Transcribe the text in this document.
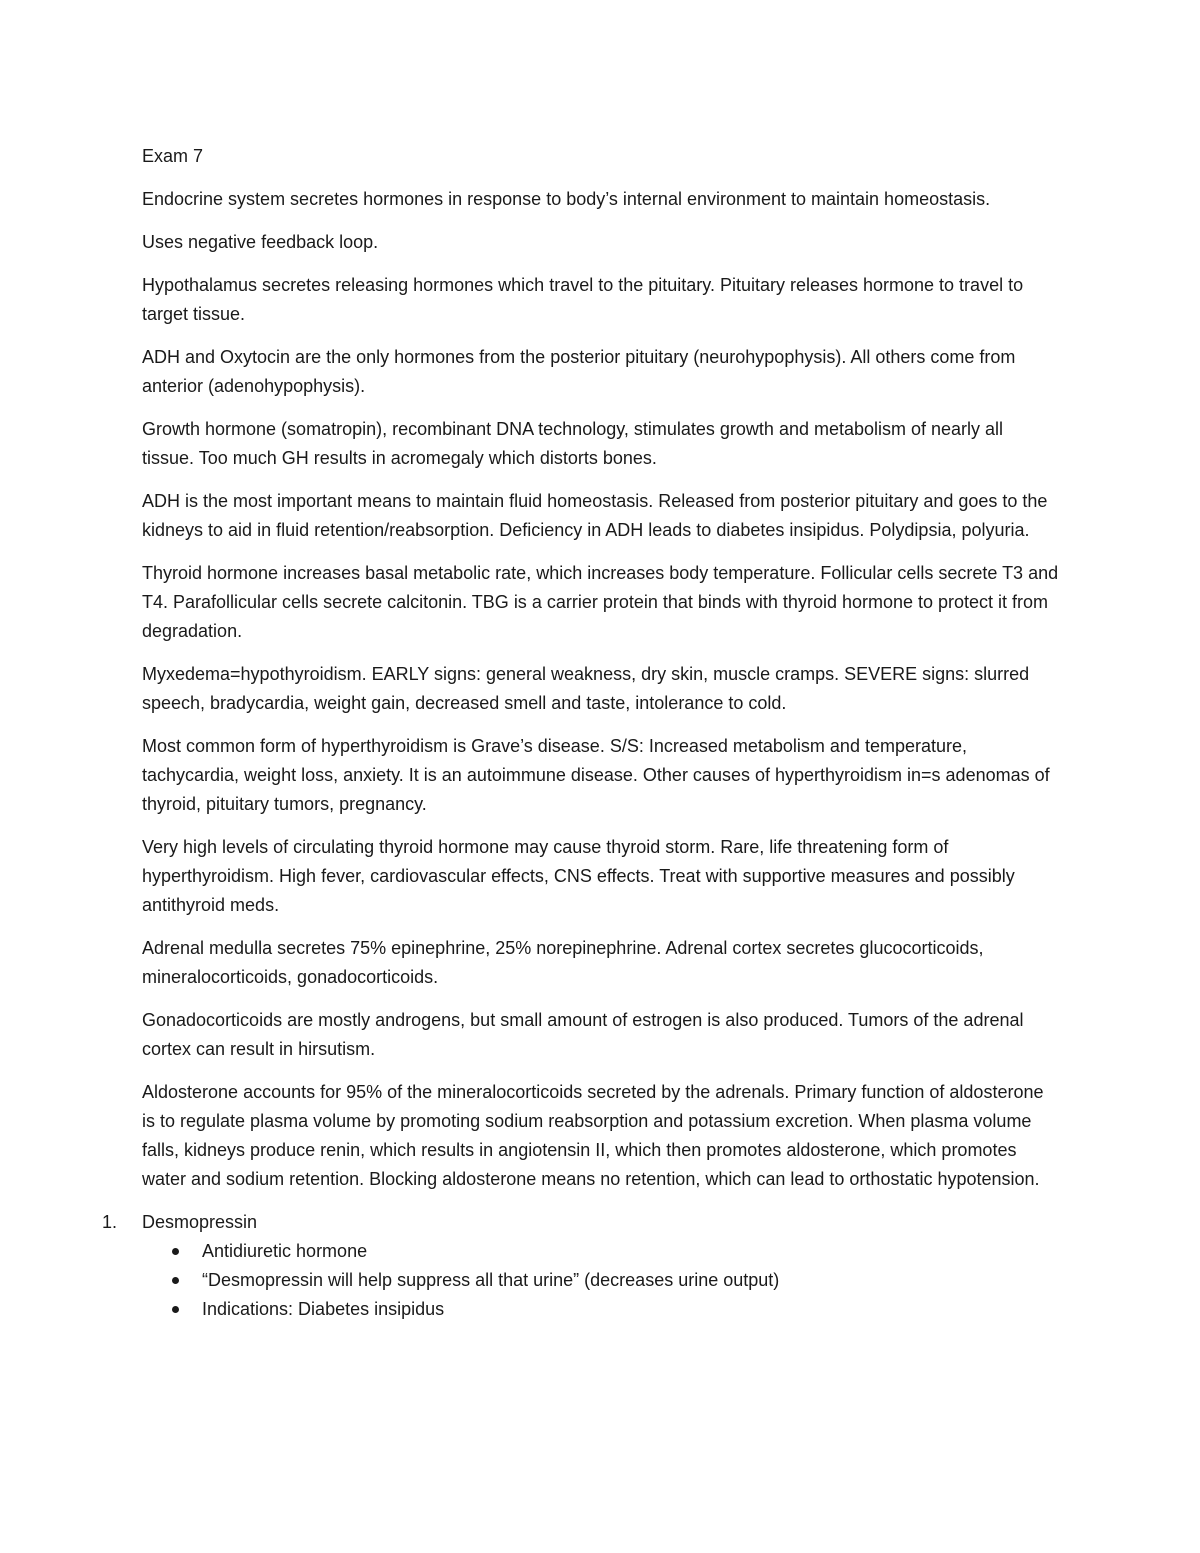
Exam 7

Endocrine system secretes hormones in response to body’s internal environment to maintain homeostasis.

Uses negative feedback loop.

Hypothalamus secretes releasing hormones which travel to the pituitary. Pituitary releases hormone to travel to target tissue.

ADH and Oxytocin are the only hormones from the posterior pituitary (neurohypophysis). All others come from anterior (adenohypophysis).

Growth hormone (somatropin), recombinant DNA technology, stimulates growth and metabolism of nearly all tissue. Too much GH results in acromegaly which distorts bones.

ADH is the most important means to maintain fluid homeostasis. Released from posterior pituitary and goes to the kidneys to aid in fluid retention/reabsorption. Deficiency in ADH leads to diabetes insipidus. Polydipsia, polyuria.

Thyroid hormone increases basal metabolic rate, which increases body temperature. Follicular cells secrete T3 and T4. Parafollicular cells secrete calcitonin. TBG is a carrier protein that binds with thyroid hormone to protect it from degradation.

Myxedema=hypothyroidism. EARLY signs: general weakness, dry skin, muscle cramps. SEVERE signs: slurred speech, bradycardia, weight gain, decreased smell and taste, intolerance to cold.

Most common form of hyperthyroidism is Grave’s disease. S/S: Increased metabolism and temperature, tachycardia, weight loss, anxiety. It is an autoimmune disease. Other causes of hyperthyroidism in=s adenomas of thyroid, pituitary tumors, pregnancy.

Very high levels of circulating thyroid hormone may cause thyroid storm. Rare, life threatening form of hyperthyroidism. High fever, cardiovascular effects, CNS effects. Treat with supportive measures and possibly antithyroid meds.

Adrenal medulla secretes 75% epinephrine, 25% norepinephrine. Adrenal cortex secretes glucocorticoids, mineralocorticoids, gonadocorticoids.

Gonadocorticoids are mostly androgens, but small amount of estrogen is also produced. Tumors of the adrenal cortex can result in hirsutism.

Aldosterone accounts for 95% of the mineralocorticoids secreted by the adrenals. Primary function of aldosterone is to regulate plasma volume by promoting sodium reabsorption and potassium excretion. When plasma volume falls, kidneys produce renin, which results in angiotensin II, which then promotes aldosterone, which promotes water and sodium retention. Blocking aldosterone means no retention, which can lead to orthostatic hypotension.

1. Desmopressin
Antidiuretic hormone
“Desmopressin will help suppress all that urine” (decreases urine output)
Indications: Diabetes insipidus
